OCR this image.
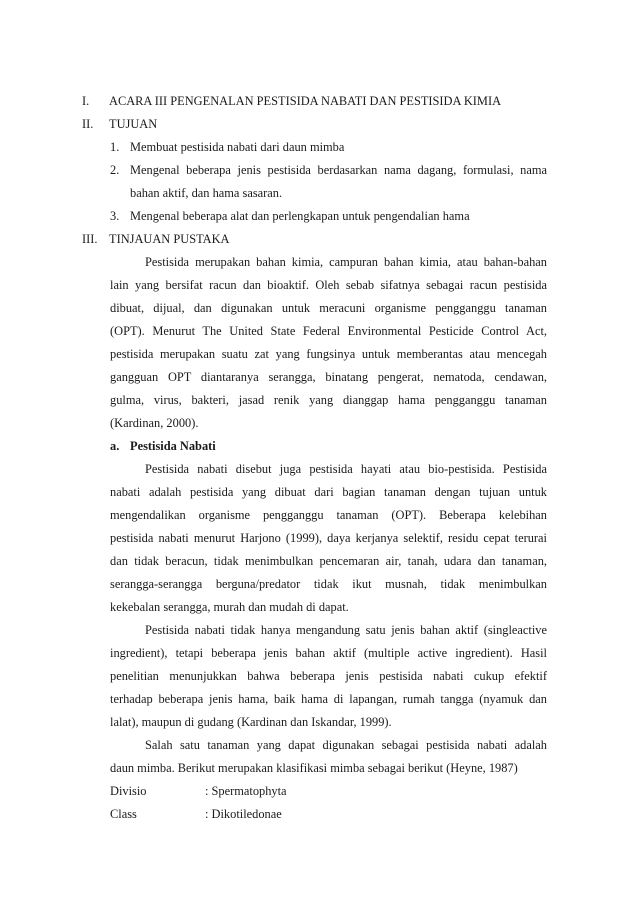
I. ACARA III PENGENALAN PESTISIDA NABATI DAN PESTISIDA KIMIA
II. TUJUAN
1. Membuat pestisida nabati dari daun mimba
2. Mengenal beberapa jenis pestisida berdasarkan nama dagang, formulasi, nama
bahan aktif, dan hama sasaran.
3. Mengenal beberapa alat dan perlengkapan untuk pengendalian hama
III. TINJAUAN PUSTAKA
Pestisida merupakan bahan kimia, campuran bahan kimia, atau bahan-bahan
lain yang bersifat racun dan bioaktif. Oleh sebab sifatnya sebagai racun pestisida
dibuat, dijual, dan digunakan untuk meracuni organisme pengganggu tanaman
(OPT). Menurut The United State Federal Environmental Pesticide Control Act,
pestisida merupakan suatu zat yang fungsinya untuk memberantas atau mencegah
gangguan OPT diantaranya serangga, binatang pengerat, nematoda, cendawan,
gulma, virus, bakteri, jasad renik yang dianggap hama pengganggu tanaman
(Kardinan, 2000).
a. Pestisida Nabati
Pestisida nabati disebut juga pestisida hayati atau bio-pestisida. Pestisida
nabati adalah pestisida yang dibuat dari bagian tanaman dengan tujuan untuk
mengendalikan organisme pengganggu tanaman (OPT). Beberapa kelebihan
pestisida nabati menurut Harjono (1999), daya kerjanya selektif, residu cepat terurai
dan tidak beracun, tidak menimbulkan pencemaran air, tanah, udara dan tanaman,
serangga-serangga berguna/predator tidak ikut musnah, tidak menimbulkan
kekebalan serangga, murah dan mudah di dapat.
Pestisida nabati tidak hanya mengandung satu jenis bahan aktif (singleactive
ingredient), tetapi beberapa jenis bahan aktif (multiple active ingredient). Hasil
penelitian menunjukkan bahwa beberapa jenis pestisida nabati cukup efektif
terhadap beberapa jenis hama, baik hama di lapangan, rumah tangga (nyamuk dan
lalat), maupun di gudang (Kardinan dan Iskandar, 1999).
Salah satu tanaman yang dapat digunakan sebagai pestisida nabati adalah
daun mimba. Berikut merupakan klasifikasi mimba sebagai berikut (Heyne, 1987)
Divisio	: Spermatophyta
Class	: Dikotiledonae
